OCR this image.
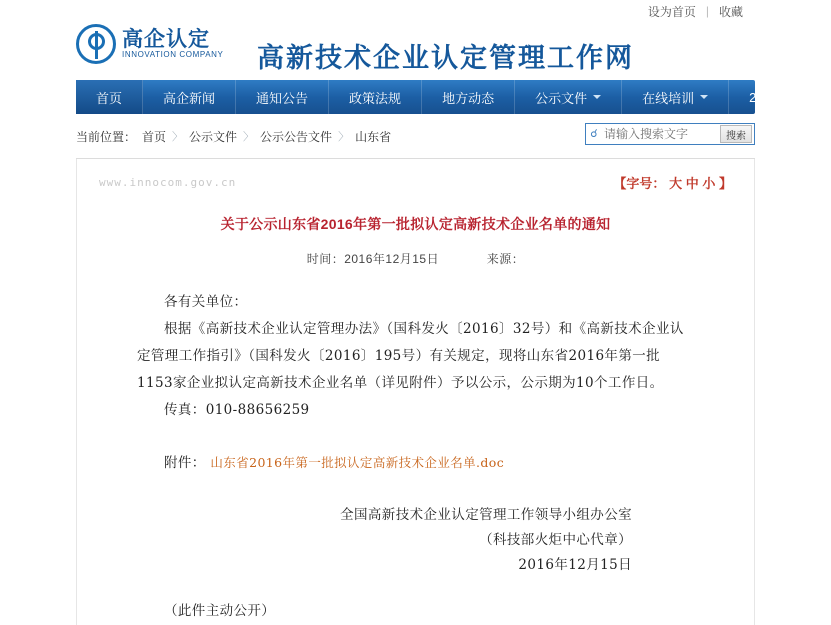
设为首页 | 收藏
高企认定
INNOVATION COMPANY	高新技术企业认定管理工作网
首页	高企新闻	通知公告	政策法规	地方动态	公示文件	在线培训	2016-12-27
当前位置： 首页 〉 公示文件 〉 公示公告文件 〉 山东省	☌
请输入搜索文字	搜索
www.innocom.gov.cn	【字号： 大 中 小 】
关于公示山东省2016年第一批拟认定高新技术企业名单的通知
时间：2016年12月15日	来源：

各有关单位：

根据《高新技术企业认定管理办法》（国科发火〔2016〕32号）和《高新技术企业认定管理工作指引》（国科发火〔2016〕195号）有关规定，现将山东省2016年第一批1153家企业拟认定高新技术企业名单（详见附件）予以公示，公示期为10个工作日。

传真：010-88656259

附件： 山东省2016年第一批拟认定高新技术企业名单.doc
全国高新技术企业认定管理工作领导小组办公室
（科技部火炬中心代章）
2016年12月15日
（此件主动公开）
